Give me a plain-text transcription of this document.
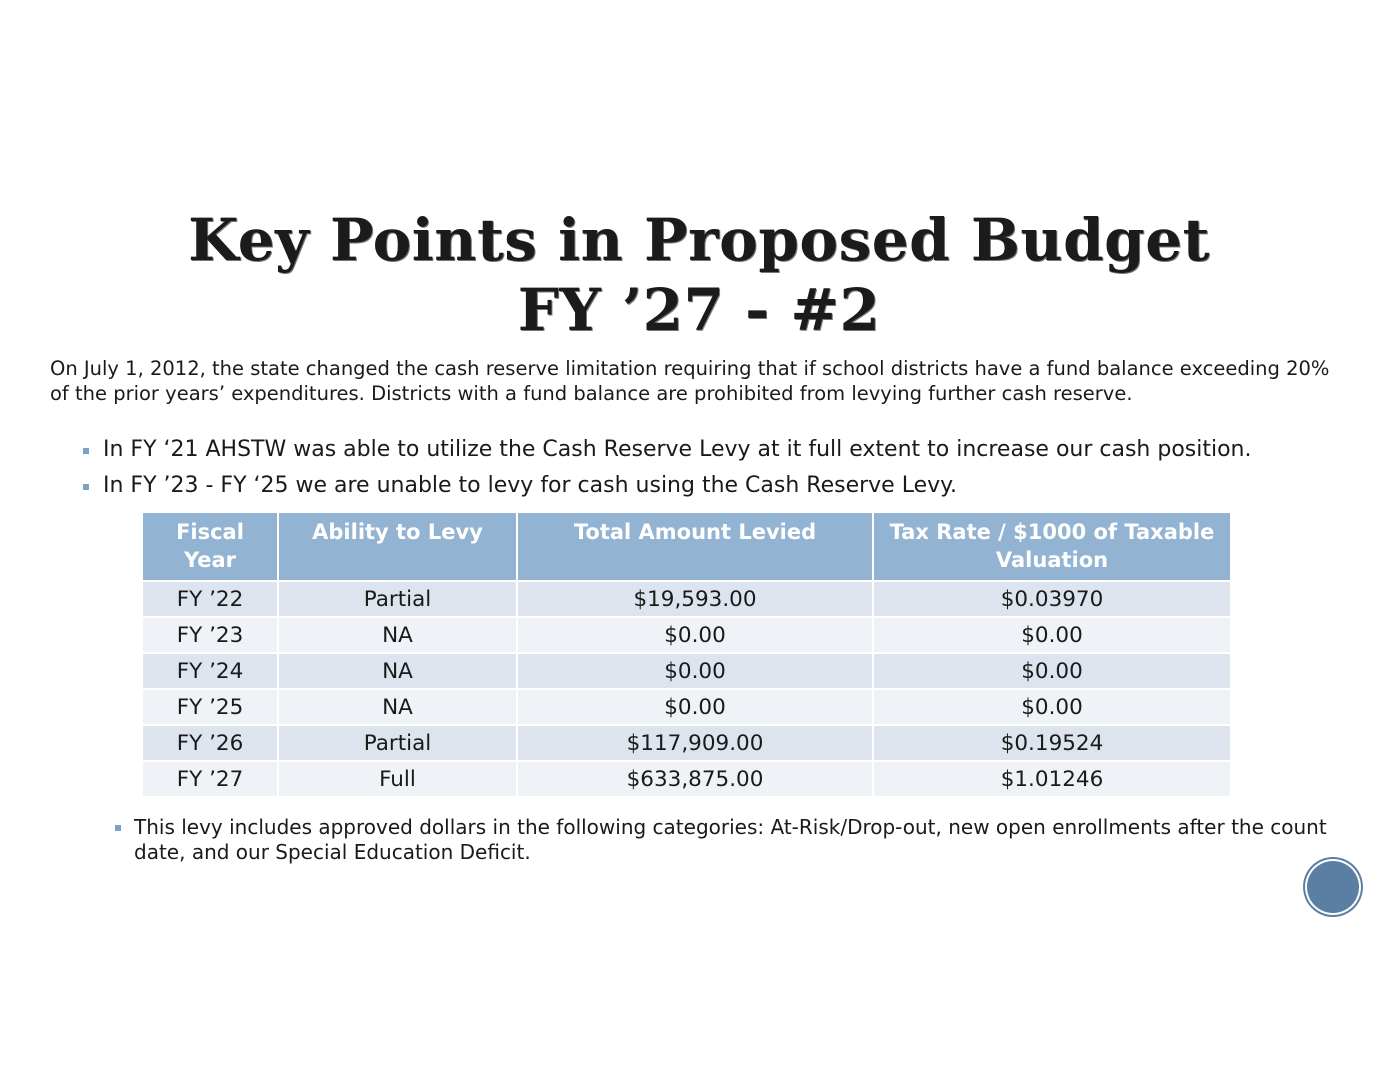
Key Points in Proposed Budget
FY ’27 - #2
On July 1, 2012, the state changed the cash reserve limitation requiring that if school districts have a fund balance exceeding 20% of the prior years’ expenditures. Districts with a fund balance are prohibited from levying further cash reserve.
In FY ‘21 AHSTW was able to utilize the Cash Reserve Levy at it full extent to increase our cash position.
In FY ’23 - FY ‘25 we are unable to levy for cash using the Cash Reserve Levy.
Fiscal Year	Ability to Levy	Total Amount Levied	Tax Rate / $1000 of Taxable Valuation
FY ’22	Partial	$19,593.00	$0.03970
FY ’23	NA	$0.00	$0.00
FY ’24	NA	$0.00	$0.00
FY ’25	NA	$0.00	$0.00
FY ’26	Partial	$117,909.00	$0.19524
FY ’27	Full	$633,875.00	$1.01246
This levy includes approved dollars in the following categories: At-Risk/Drop-out, new open enrollments after the count date, and our Special Education Deficit.
